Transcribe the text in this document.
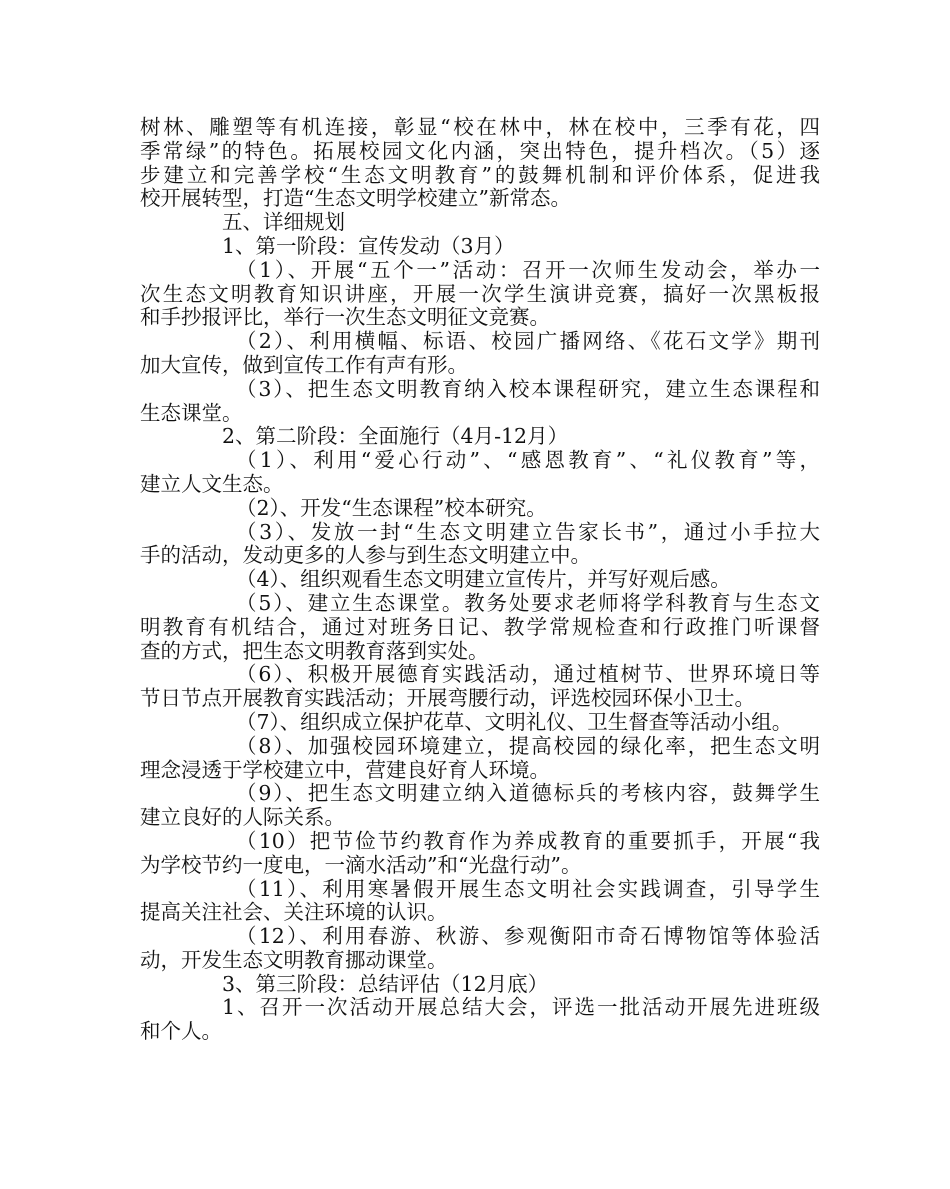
树林、雕塑等有机连接，彰显“校在林中，林在校中，三季有花，四
季常绿”的特色。拓展校园文化内涵，突出特色，提升档次。（5）逐
步建立和完善学校“生态文明教育”的鼓舞机制和评价体系，促进我
校开展转型，打造“生态文明学校建立”新常态。
五、详细规划
1、第一阶段：宣传发动（3月）
（1）、开展“五个一”活动：召开一次师生发动会，举办一
次生态文明教育知识讲座，开展一次学生演讲竞赛，搞好一次黑板报
和手抄报评比，举行一次生态文明征文竞赛。
（2）、利用横幅、标语、校园广播网络、《花石文学》期刊
加大宣传，做到宣传工作有声有形。
（3）、把生态文明教育纳入校本课程研究，建立生态课程和
生态课堂。
2、第二阶段：全面施行（4月-12月）
（1）、利用“爱心行动”、“感恩教育”、“礼仪教育”等，
建立人文生态。
（2）、开发“生态课程”校本研究。
（3）、发放一封“生态文明建立告家长书”，通过小手拉大
手的活动，发动更多的人参与到生态文明建立中。
（4）、组织观看生态文明建立宣传片，并写好观后感。
（5）、建立生态课堂。教务处要求老师将学科教育与生态文
明教育有机结合，通过对班务日记、教学常规检查和行政推门听课督
查的方式，把生态文明教育落到实处。
（6）、积极开展德育实践活动，通过植树节、世界环境日等
节日节点开展教育实践活动；开展弯腰行动，评选校园环保小卫士。
（7）、组织成立保护花草、文明礼仪、卫生督查等活动小组。
（8）、加强校园环境建立，提高校园的绿化率，把生态文明
理念浸透于学校建立中，营建良好育人环境。
（9）、把生态文明建立纳入道德标兵的考核内容，鼓舞学生
建立良好的人际关系。
（10）把节俭节约教育作为养成教育的重要抓手，开展“我
为学校节约一度电，一滴水活动”和“光盘行动”。
（11）、利用寒暑假开展生态文明社会实践调查，引导学生
提高关注社会、关注环境的认识。
（12）、利用春游、秋游、参观衡阳市奇石博物馆等体验活
动，开发生态文明教育挪动课堂。
3、第三阶段：总结评估（12月底）
1、召开一次活动开展总结大会，评选一批活动开展先进班级
和个人。
